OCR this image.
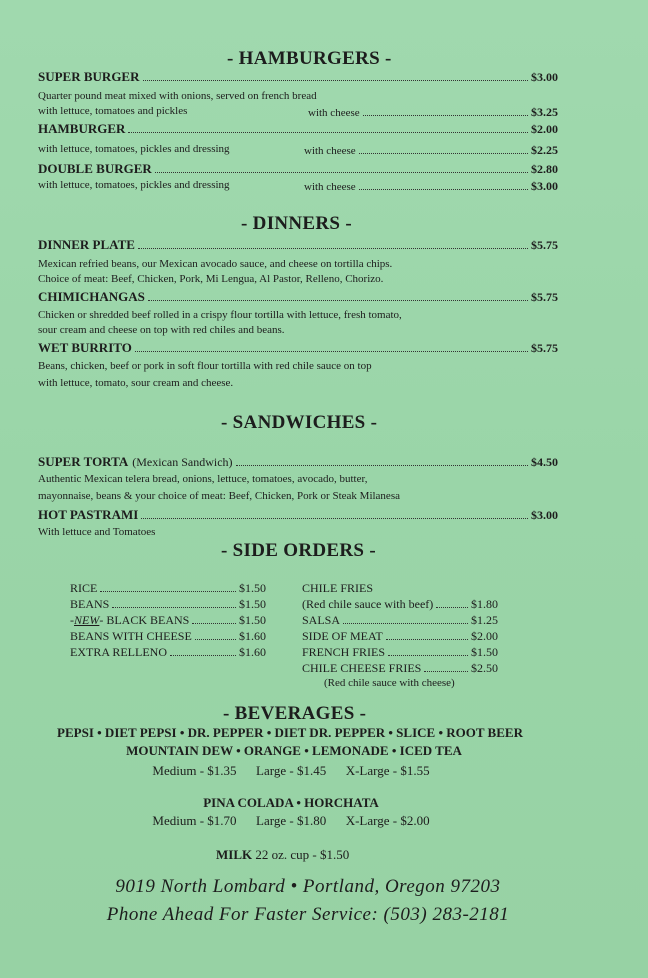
- HAMBURGERS -
SUPER BURGER	$3.00
Quarter pound meat mixed with onions, served on french bread
with lettuce, tomatoes and pickles	with cheese	$3.25
HAMBURGER	$2.00
with lettuce, tomatoes, pickles and dressing	with cheese	$2.25
DOUBLE BURGER	$2.80
with lettuce, tomatoes, pickles and dressing	with cheese	$3.00
- DINNERS -
DINNER PLATE	$5.75
Mexican refried beans, our Mexican avocado sauce, and cheese on tortilla chips.
Choice of meat: Beef, Chicken, Pork, Mi Lengua, Al Pastor, Relleno, Chorizo.
CHIMICHANGAS	$5.75
Chicken or shredded beef rolled in a crispy flour tortilla with lettuce, fresh tomato,
sour cream and cheese on top with red chiles and beans.
WET BURRITO	$5.75
Beans, chicken, beef or pork in soft flour tortilla with red chile sauce on top
with lettuce, tomato, sour cream and cheese.
- SANDWICHES -
SUPER TORTA (Mexican Sandwich)	$4.50
Authentic Mexican telera bread, onions, lettuce, tomatoes, avocado, butter,
mayonnaise, beans & your choice of meat: Beef, Chicken, Pork or Steak Milanesa
HOT PASTRAMI	$3.00
With lettuce and Tomatoes
- SIDE ORDERS -
RICE	$1.50
BEANS	$1.50
- NEW - BLACK BEANS	$1.50
BEANS WITH CHEESE	$1.60
EXTRA RELLENO	$1.60
CHILE FRIES
(Red chile sauce with beef)	$1.80
SALSA	$1.25
SIDE OF MEAT	$2.00
FRENCH FRIES	$1.50
CHILE CHEESE FRIES	$2.50
(Red chile sauce with cheese)
- BEVERAGES -
PEPSI • DIET PEPSI • DR. PEPPER • DIET DR. PEPPER • SLICE • ROOT BEER
MOUNTAIN DEW • ORANGE • LEMONADE • ICED TEA
Medium - $1.35      Large - $1.45      X-Large - $1.55
PINA COLADA • HORCHATA
Medium - $1.70      Large - $1.80      X-Large - $2.00
MILK 22 oz. cup - $1.50
9019 North Lombard • Portland, Oregon 97203
Phone Ahead For Faster Service: (503) 283-2181
